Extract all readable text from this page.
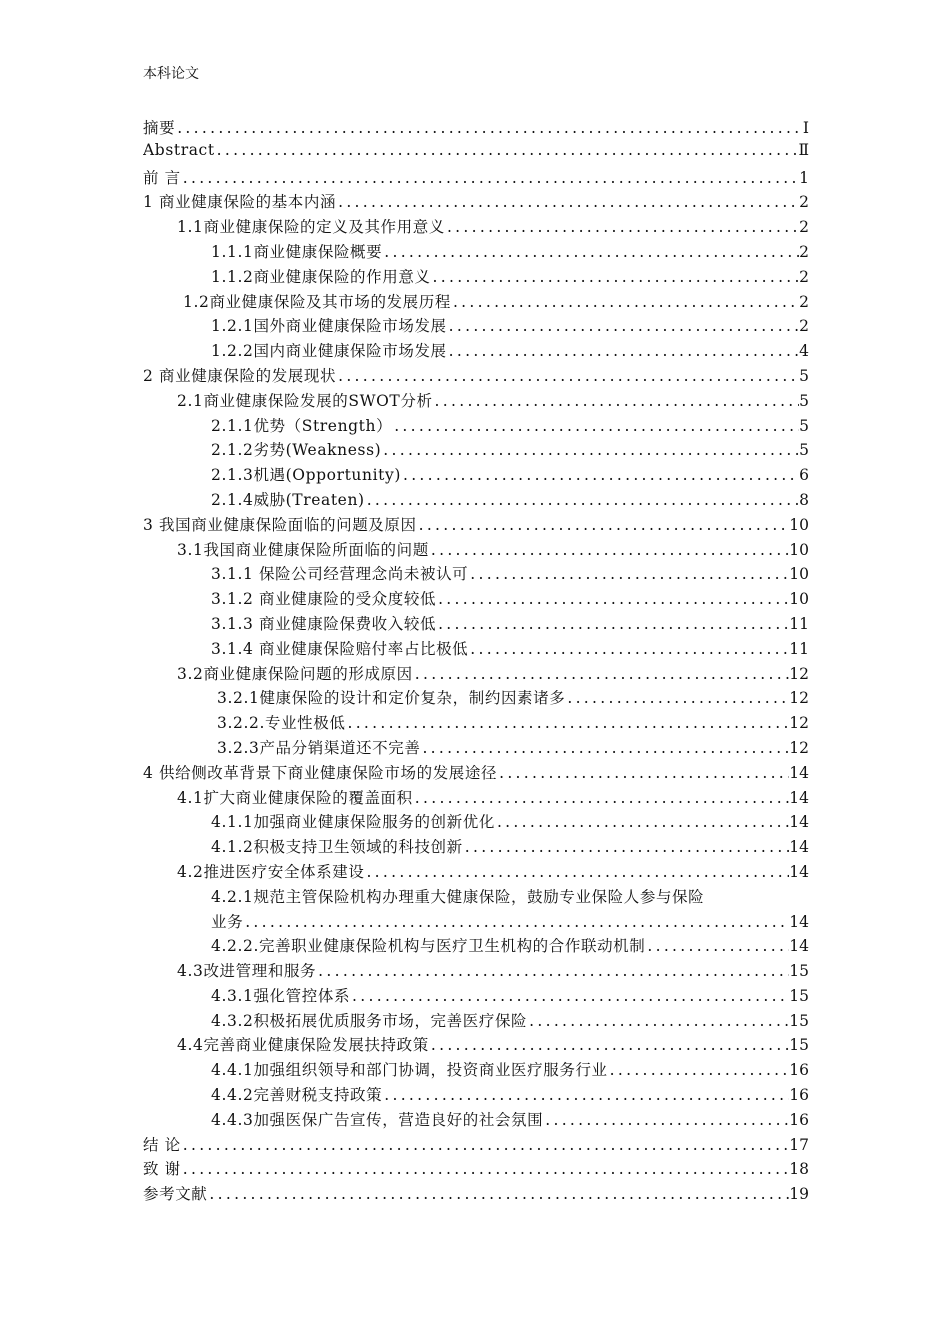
本科论文
摘要 .....	Ⅰ
Abstract .....	Ⅱ
前 言 .....	1
1 商业健康保险的基本内涵 .....	2
1.1商业健康保险的定义及其作用意义 .....	2
1.1.1商业健康保险概要 .....	2
1.1.2商业健康保险的作用意义 .....	2
1.2商业健康保险及其市场的发展历程 .....	2
1.2.1国外商业健康保险市场发展 .....	2
1.2.2国内商业健康保险市场发展 .....	4
2 商业健康保险的发展现状 .....	5
2.1商业健康保险发展的SWOT分析 .....	5
2.1.1优势（Strength） .....	5
2.1.2劣势(Weakness) .....	5
2.1.3机遇(Opportunity) .....	6
2.1.4威胁(Treaten) .....	8
3 我国商业健康保险面临的问题及原因 .....	10
3.1我国商业健康保险所面临的问题 .....	10
3.1.1 保险公司经营理念尚未被认可 .....	10
3.1.2 商业健康险的受众度较低 .....	10
3.1.3 商业健康险保费收入较低 .....	11
3.1.4 商业健康保险赔付率占比极低 .....	11
3.2商业健康保险问题的形成原因 .....	12
3.2.1健康保险的设计和定价复杂，制约因素诸多 .....	12
3.2.2.专业性极低 .....	12
3.2.3产品分销渠道还不完善 .....	12
4 供给侧改革背景下商业健康保险市场的发展途径 .....	14
4.1扩大商业健康保险的覆盖面积 .....	14
4.1.1加强商业健康保险服务的创新优化 .....	14
4.1.2积极支持卫生领域的科技创新 .....	14
4.2推进医疗安全体系建设 .....	14
4.2.1规范主管保险机构办理重大健康保险，鼓励专业保险人参与保险
业务 .....	14
4.2.2.完善职业健康保险机构与医疗卫生机构的合作联动机制 .....	14
4.3改进管理和服务 .....	15
4.3.1强化管控体系 .....	15
4.3.2积极拓展优质服务市场，完善医疗保险 .....	15
4.4完善商业健康保险发展扶持政策 .....	15
4.4.1加强组织领导和部门协调，投资商业医疗服务行业 .....	16
4.4.2完善财税支持政策 .....	16
4.4.3加强医保广告宣传，营造良好的社会氛围 .....	16
结 论 .....	17
致 谢 .....	18
参考文献 .....	19
